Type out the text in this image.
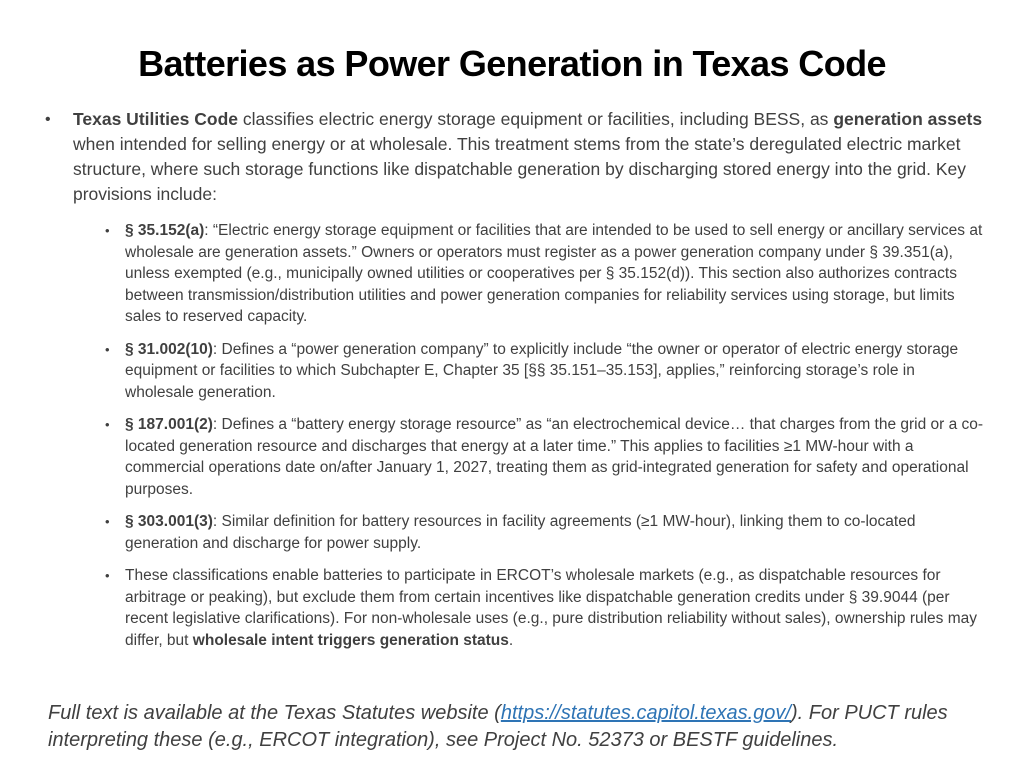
Batteries as Power Generation in Texas Code
•	Texas Utilities Code classifies electric energy storage equipment or facilities, including BESS, as generation assets when intended for selling energy or at wholesale. This treatment stems from the state’s deregulated electric market structure, where such storage functions like dispatchable generation by discharging stored energy into the grid. Key provisions include:
• § 35.152(a): “Electric energy storage equipment or facilities that are intended to be used to sell energy or ancillary services at wholesale are generation assets.” Owners or operators must register as a power generation company under § 39.351(a), unless exempted (e.g., municipally owned utilities or cooperatives per § 35.152(d)). This section also authorizes contracts between transmission/distribution utilities and power generation companies for reliability services using storage, but limits sales to reserved capacity.
• § 31.002(10): Defines a “power generation company” to explicitly include “the owner or operator of electric energy storage equipment or facilities to which Subchapter E, Chapter 35 [§§ 35.151–35.153], applies,” reinforcing storage’s role in wholesale generation.
• § 187.001(2): Defines a “battery energy storage resource” as “an electrochemical device… that charges from the grid or a co-located generation resource and discharges that energy at a later time.” This applies to facilities ≥1 MW-hour with a commercial operations date on/after January 1, 2027, treating them as grid-integrated generation for safety and operational purposes.
• § 303.001(3): Similar definition for battery resources in facility agreements (≥1 MW-hour), linking them to co-located generation and discharge for power supply.
• These classifications enable batteries to participate in ERCOT’s wholesale markets (e.g., as dispatchable resources for arbitrage or peaking), but exclude them from certain incentives like dispatchable generation credits under § 39.9044 (per recent legislative clarifications). For non-wholesale uses (e.g., pure distribution reliability without sales), ownership rules may differ, but wholesale intent triggers generation status.
Full text is available at the Texas Statutes website (https://statutes.capitol.texas.gov/). For PUCT rules interpreting these (e.g., ERCOT integration), see Project No. 52373 or BESTF guidelines.
